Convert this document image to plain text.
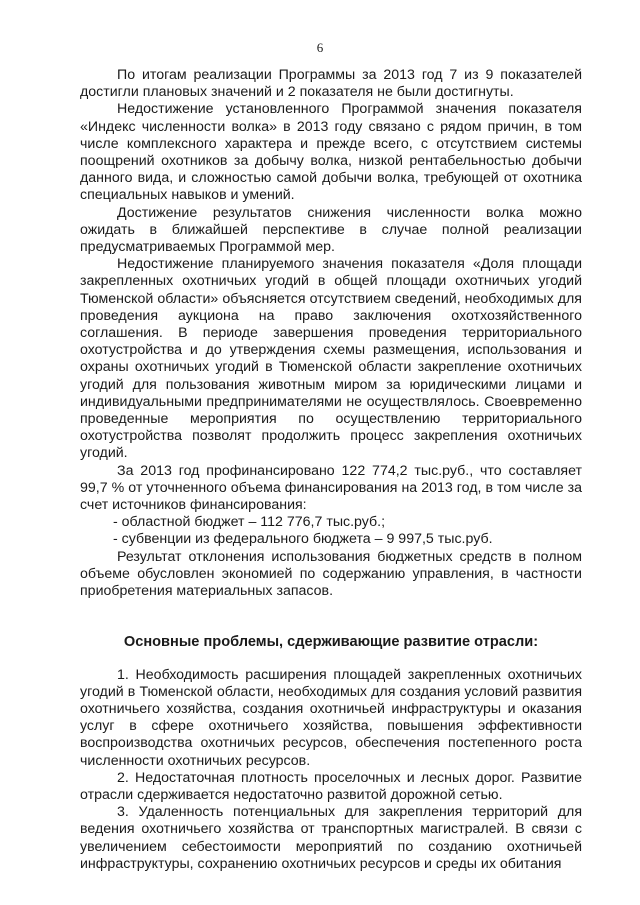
6

По итогам реализации Программы за 2013 год 7 из 9 показателей достигли плановых значений и 2 показателя не были достигнуты.

Недостижение установленного Программой значения показателя «Индекс численности волка» в 2013 году связано с рядом причин, в том числе комплексного характера и прежде всего, с отсутствием системы поощрений охотников за добычу волка, низкой рентабельностью добычи данного вида, и сложностью самой добычи волка, требующей от охотника специальных навыков и умений.

Достижение результатов снижения численности волка можно ожидать в ближайшей перспективе в случае полной реализации предусматриваемых Программой мер.

Недостижение планируемого значения показателя «Доля площади закрепленных охотничьих угодий в общей площади охотничьих угодий Тюменской области» объясняется отсутствием сведений, необходимых для проведения аукциона на право заключения охотхозяйственного соглашения. В периоде завершения проведения территориального охотустройства и до утверждения схемы размещения, использования и охраны охотничьих угодий в Тюменской области закрепление охотничьих угодий для пользования животным миром за юридическими лицами и индивидуальными предпринимателями не осуществлялось. Своевременно проведенные мероприятия по осуществлению территориального охотустройства позволят продолжить процесс закрепления охотничьих угодий.

За 2013 год профинансировано 122 774,2 тыс.руб., что составляет 99,7 % от уточненного объема финансирования на 2013 год, в том числе за счет источников финансирования:

- областной бюджет – 112 776,7 тыс.руб.;

- субвенции из федерального бюджета – 9 997,5 тыс.руб.

Результат отклонения использования бюджетных средств в полном объеме обусловлен экономией по содержанию управления, в частности приобретения материальных запасов.

Основные проблемы, сдерживающие развитие отрасли:

1. Необходимость расширения площадей закрепленных охотничьих угодий в Тюменской области, необходимых для создания условий развития охотничьего хозяйства, создания охотничьей инфраструктуры и оказания услуг в сфере охотничьего хозяйства, повышения эффективности воспроизводства охотничьих ресурсов, обеспечения постепенного роста численности охотничьих ресурсов.

2. Недостаточная плотность проселочных и лесных дорог. Развитие отрасли сдерживается недостаточно развитой дорожной сетью.

3. Удаленность потенциальных для закрепления территорий для ведения охотничьего хозяйства от транспортных магистралей. В связи с увеличением себестоимости мероприятий по созданию охотничьей инфраструктуры, сохранению охотничьих ресурсов и среды их обитания
